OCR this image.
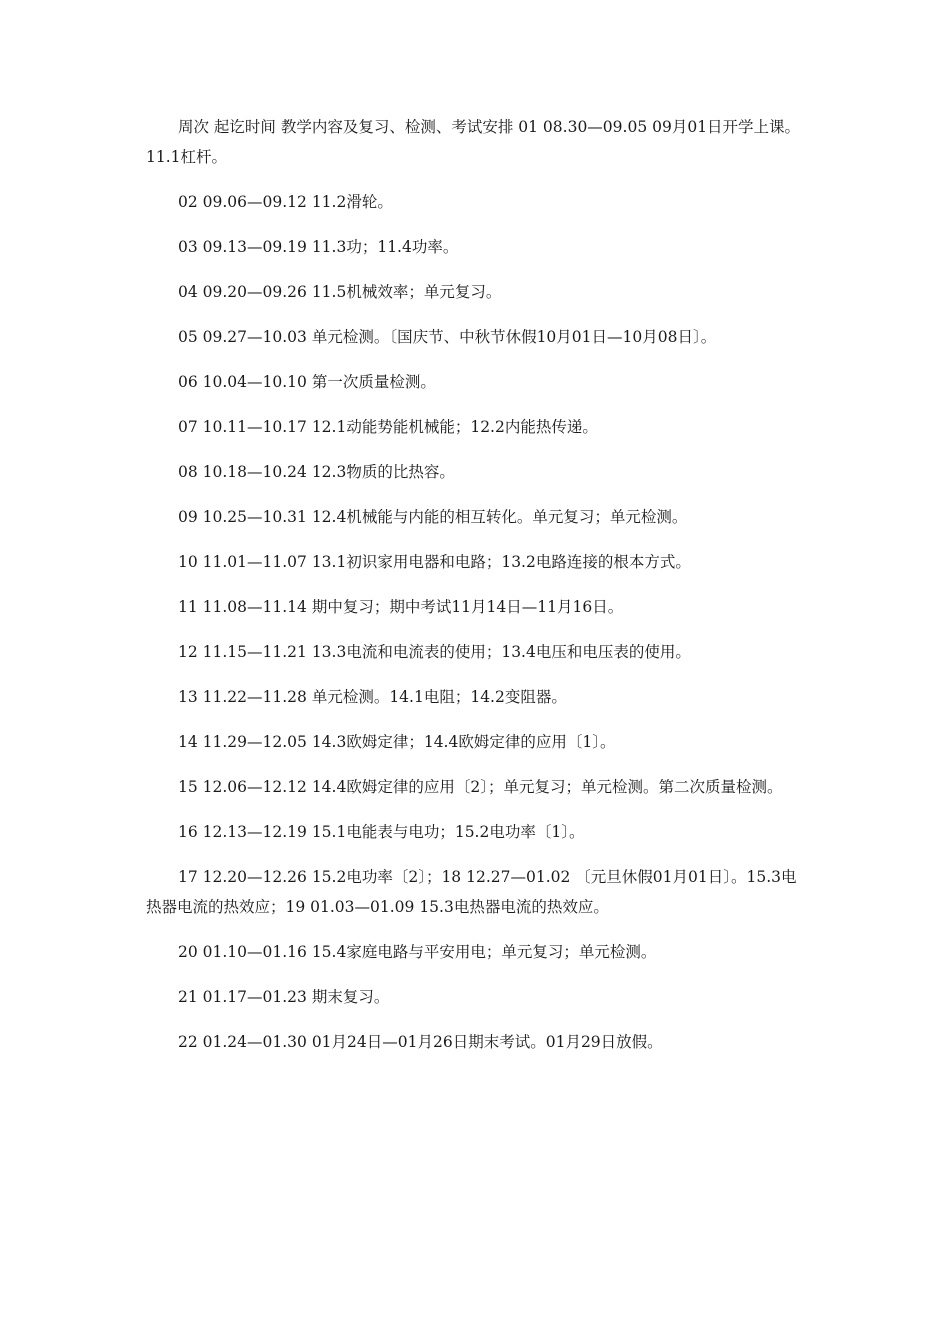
周次 起讫时间 教学内容及复习、检测、考试安排 01 08.30—09.05 09月01日开学上课。11.1杠杆。

02 09.06—09.12 11.2滑轮。

03 09.13—09.19 11.3功；11.4功率。

04 09.20—09.26 11.5机械效率；单元复习。

05 09.27—10.03 单元检测。〔国庆节、中秋节休假10月01日—10月08日〕。

06 10.04—10.10 第一次质量检测。

07 10.11—10.17 12.1动能势能机械能；12.2内能热传递。

08 10.18—10.24 12.3物质的比热容。

09 10.25—10.31 12.4机械能与内能的相互转化。单元复习；单元检测。

10 11.01—11.07 13.1初识家用电器和电路；13.2电路连接的根本方式。

11 11.08—11.14 期中复习；期中考试11月14日—11月16日。

12 11.15—11.21 13.3电流和电流表的使用；13.4电压和电压表的使用。

13 11.22—11.28 单元检测。14.1电阻；14.2变阻器。

14 11.29—12.05 14.3欧姆定律；14.4欧姆定律的应用〔1〕。

15 12.06—12.12 14.4欧姆定律的应用〔2〕；单元复习；单元检测。第二次质量检测。

16 12.13—12.19 15.1电能表与电功；15.2电功率〔1〕。

17 12.20—12.26 15.2电功率〔2〕；18 12.27—01.02 〔元旦休假01月01日〕。15.3电热器电流的热效应；19 01.03—01.09 15.3电热器电流的热效应。

20 01.10—01.16 15.4家庭电路与平安用电；单元复习；单元检测。

21 01.17—01.23 期末复习。

22 01.24—01.30 01月24日—01月26日期末考试。01月29日放假。
